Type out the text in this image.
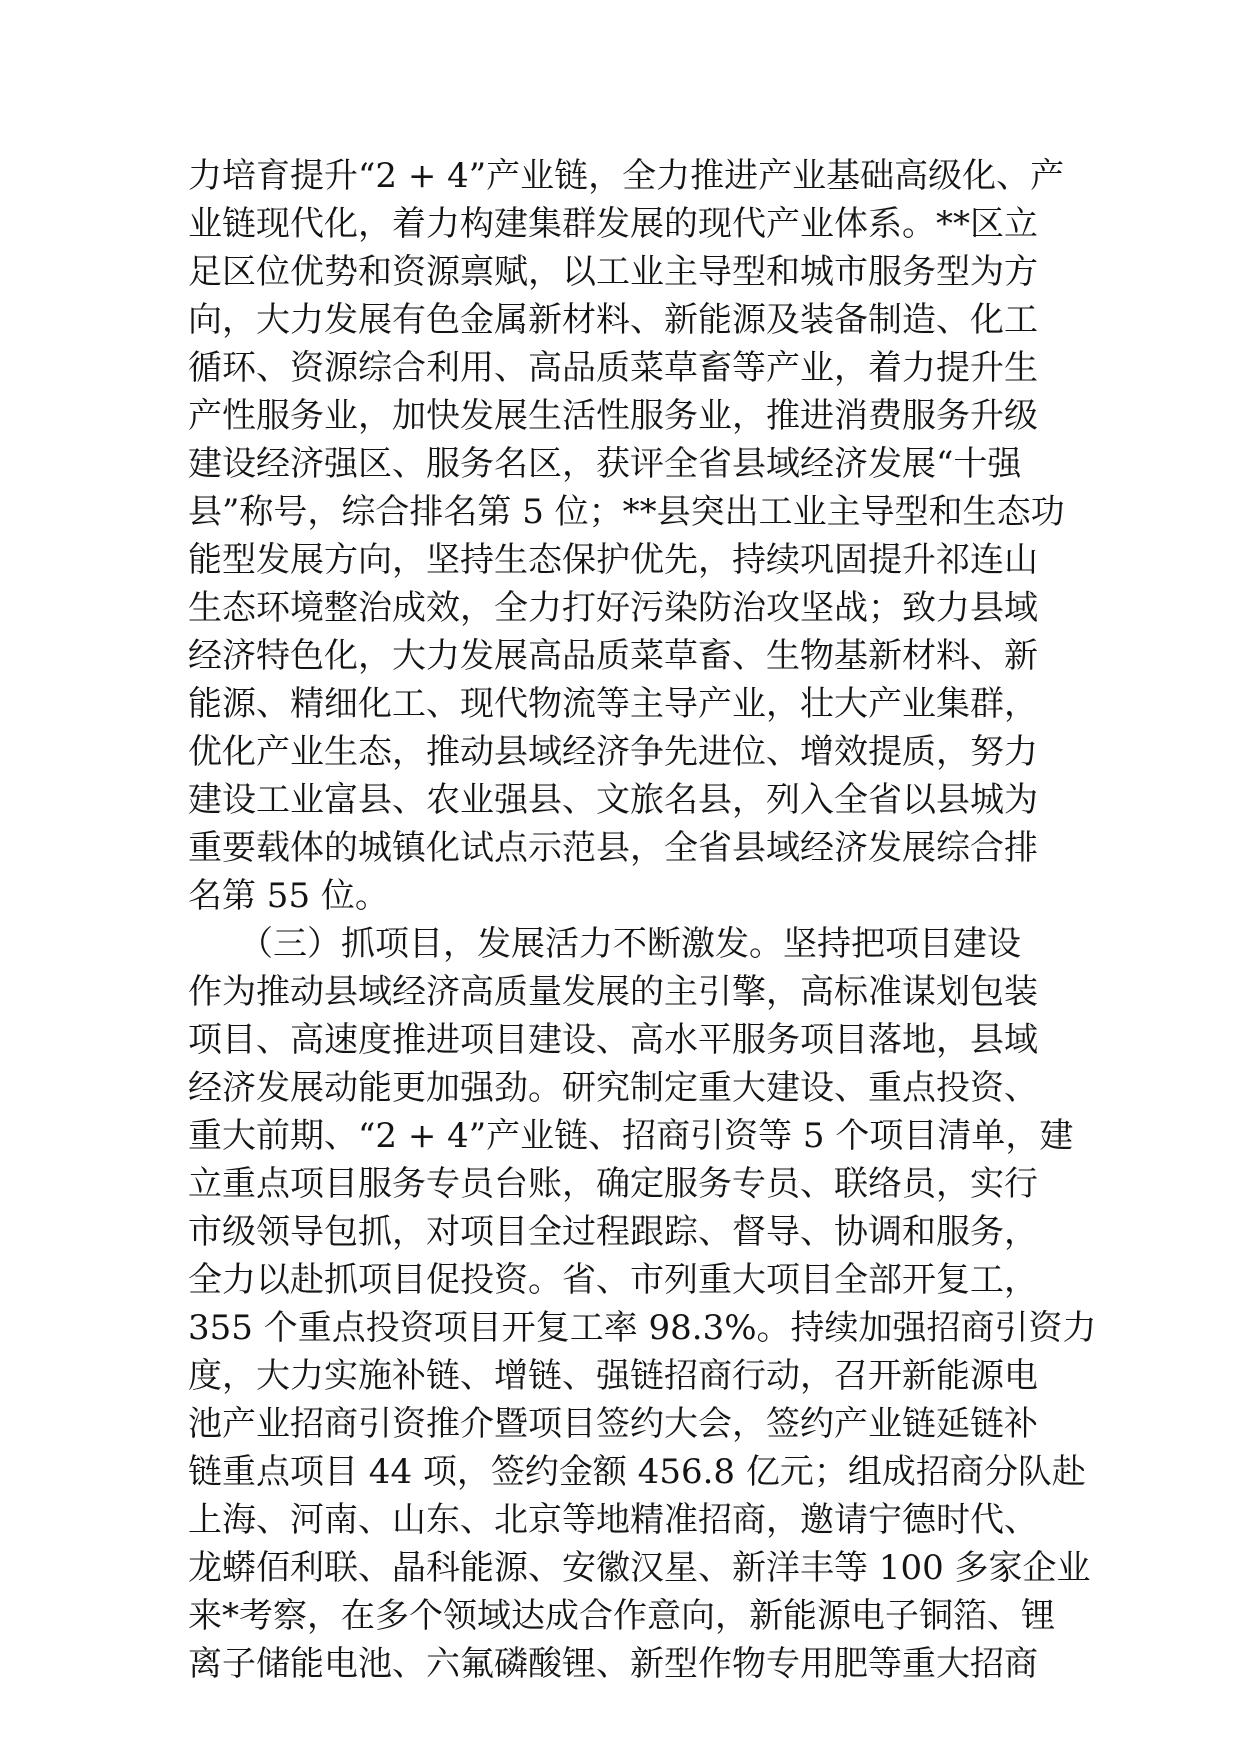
力培育提升“2 + 4”产业链，全力推进产业基础高级化、产
业链现代化，着力构建集群发展的现代产业体系。**区立
足区位优势和资源禀赋，以工业主导型和城市服务型为方
向，大力发展有色金属新材料、新能源及装备制造、化工
循环、资源综合利用、高品质菜草畜等产业，着力提升生
产性服务业，加快发展生活性服务业，推进消费服务升级
建设经济强区、服务名区，获评全省县域经济发展“十强
县”称号，综合排名第 5 位；**县突出工业主导型和生态功
能型发展方向，坚持生态保护优先，持续巩固提升祁连山
生态环境整治成效，全力打好污染防治攻坚战；致力县域
经济特色化，大力发展高品质菜草畜、生物基新材料、新
能源、精细化工、现代物流等主导产业，壮大产业集群，
优化产业生态，推动县域经济争先进位、增效提质，努力
建设工业富县、农业强县、文旅名县，列入全省以县城为
重要载体的城镇化试点示范县，全省县域经济发展综合排
名第 55 位。
　　（三）抓项目，发展活力不断激发。坚持把项目建设
作为推动县域经济高质量发展的主引擎，高标准谋划包装
项目、高速度推进项目建设、高水平服务项目落地，县域
经济发展动能更加强劲。研究制定重大建设、重点投资、
重大前期、“2 + 4”产业链、招商引资等 5 个项目清单，建
立重点项目服务专员台账，确定服务专员、联络员，实行
市级领导包抓，对项目全过程跟踪、督导、协调和服务，
全力以赴抓项目促投资。省、市列重大项目全部开复工，
355 个重点投资项目开复工率 98.3%。持续加强招商引资力
度，大力实施补链、增链、强链招商行动，召开新能源电
池产业招商引资推介暨项目签约大会，签约产业链延链补
链重点项目 44 项，签约金额 456.8 亿元；组成招商分队赴
上海、河南、山东、北京等地精准招商，邀请宁德时代、
龙蟒佰利联、晶科能源、安徽汉星、新洋丰等 100 多家企业
来*考察，在多个领域达成合作意向，新能源电子铜箔、锂
离子储能电池、六氟磷酸锂、新型作物专用肥等重大招商
